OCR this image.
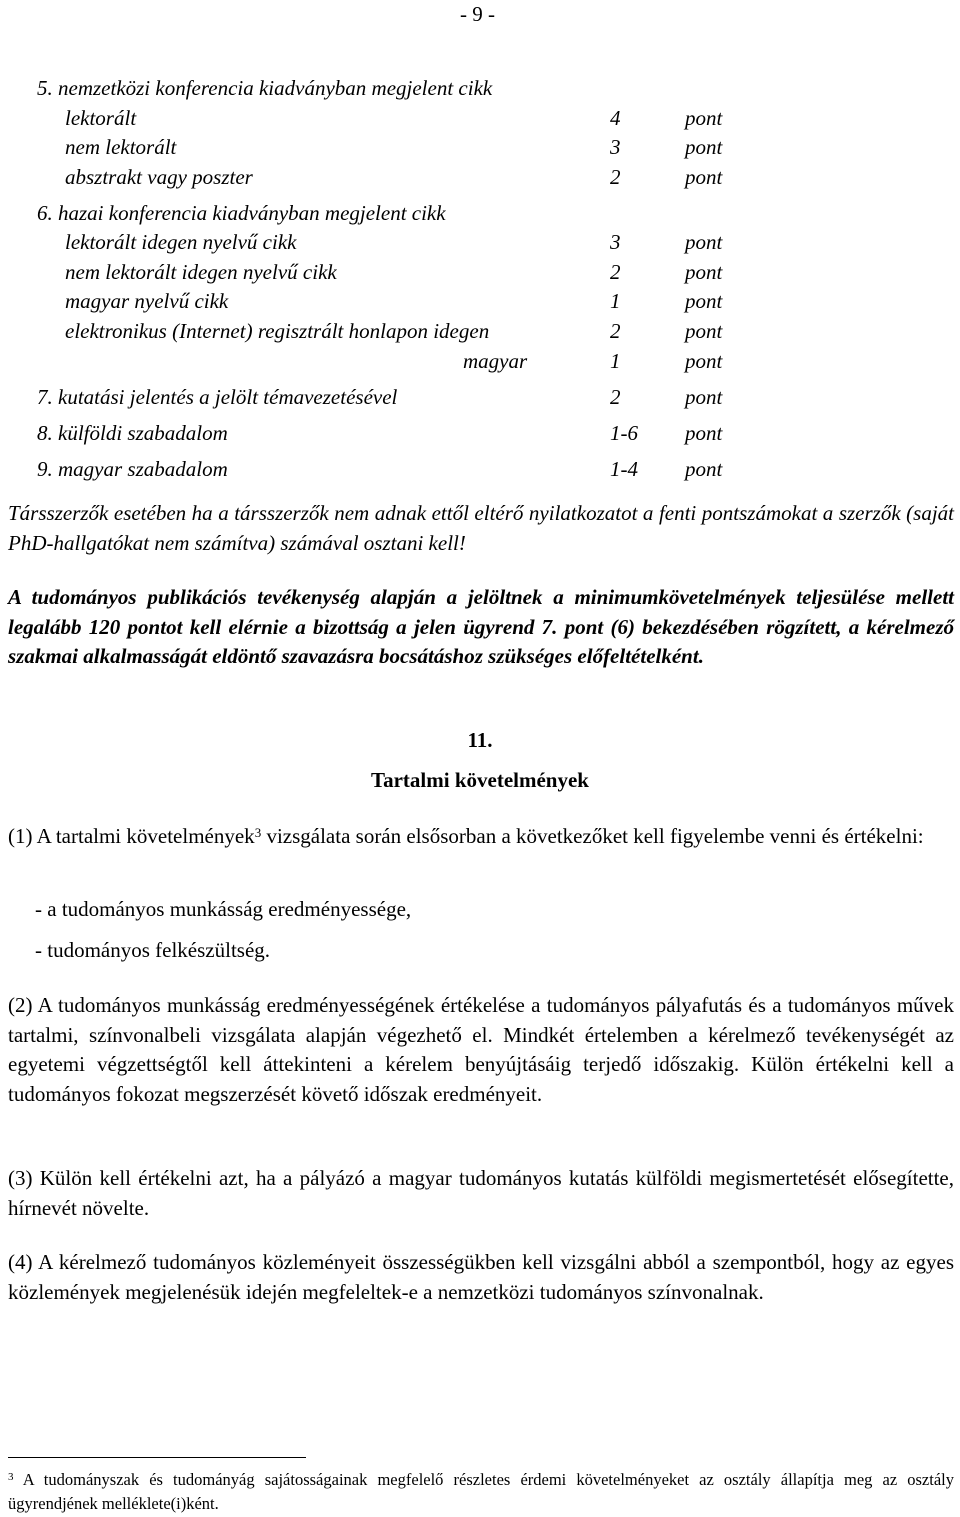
- 9 -
5. nemzetközi konferencia kiadványban megjelent cikk
lektorált	4	pont
nem lektorált	3	pont
absztrakt vagy poszter	2	pont
6. hazai konferencia kiadványban megjelent cikk
lektorált idegen nyelvű cikk	3	pont
nem lektorált idegen nyelvű cikk	2	pont
magyar nyelvű cikk	1	pont
elektronikus (Internet) regisztrált honlapon idegen	2	pont
magyar	1	pont
7. kutatási jelentés a jelölt témavezetésével	2	pont
8. külföldi szabadalom	1-6 pont
9. magyar szabadalom	1-4 pont
Társszerzők esetében ha a társszerzők nem adnak ettől eltérő nyilatkozatot a fenti pontszámokat a szerzők (saját PhD-hallgatókat nem számítva) számával osztani kell!
A tudományos publikációs tevékenység alapján a jelöltnek a minimumkövetelmények teljesülése mellett legalább 120 pontot kell elérnie a bizottság a jelen ügyrend 7. pont (6) bekezdésében rögzített, a kérelmező szakmai alkalmasságát eldöntő szavazásra bocsátáshoz szükséges előfeltételként.
11.
Tartalmi követelmények
(1) A tartalmi követelmények$^3$ vizsgálata során elsősorban a következőket kell figyelembe venni és értékelni:
- a tudományos munkásság eredményessége,
- tudományos felkészültség.
(2) A tudományos munkásság eredményességének értékelése a tudományos pályafutás és a tudományos művek tartalmi, színvonalbeli vizsgálata alapján végezhető el. Mindkét értelemben a kérelmező tevékenységét az egyetemi végzettségtől kell áttekinteni a kérelem benyújtásáig terjedő időszakig. Külön értékelni kell a tudományos fokozat megszerzését követő időszak eredményeit.
(3) Külön kell értékelni azt, ha a pályázó a magyar tudományos kutatás külföldi megismertetését elősegítette, hírnevét növelte.
(4) A kérelmező tudományos közleményeit összességükben kell vizsgálni abból a szempontból, hogy az egyes közlemények megjelenésük idején megfeleltek-e a nemzetközi tudományos színvonalnak.
$^3$ A tudományszak és tudományág sajátosságainak megfelelő részletes érdemi követelményeket az osztály állapítja meg az osztály ügyrendjének melléklete(i)ként.
